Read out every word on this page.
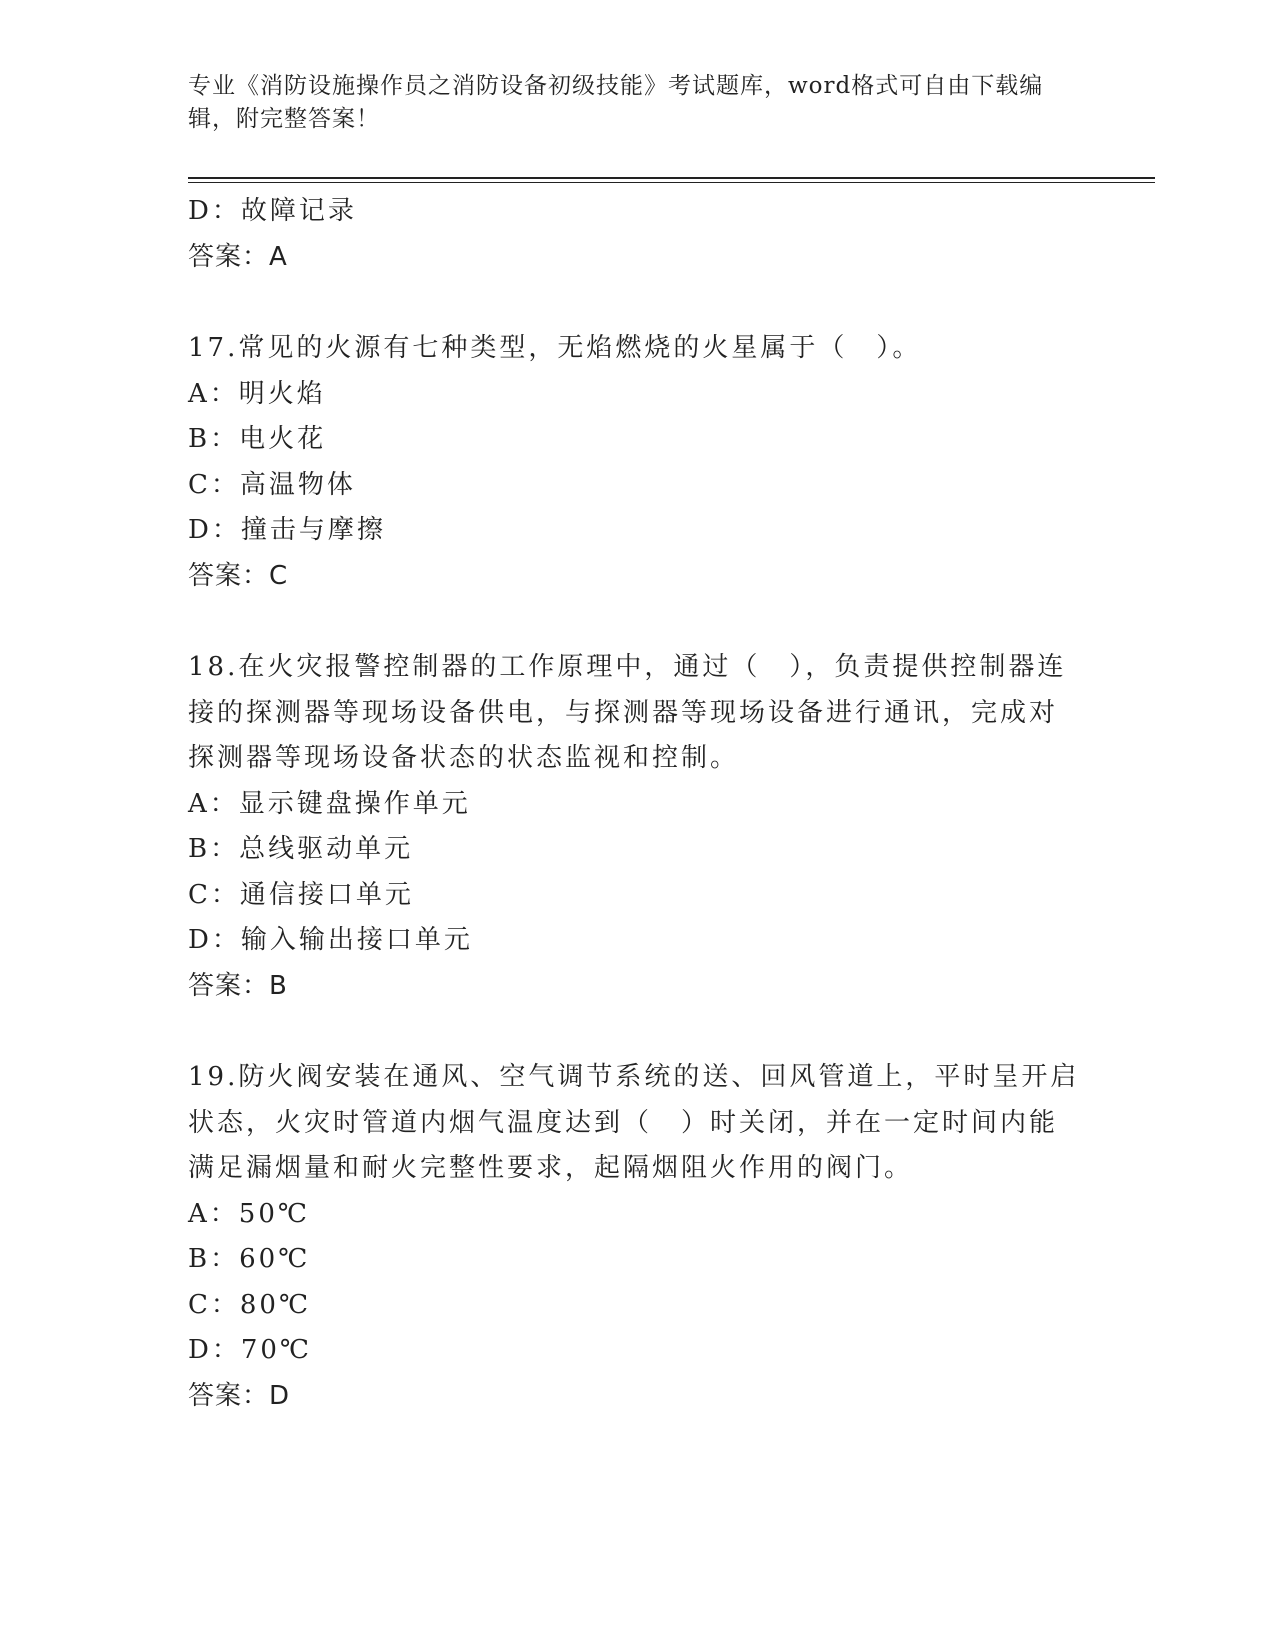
专业《消防设施操作员之消防设备初级技能》考试题库，word格式可自由下载编
辑，附完整答案！
D：故障记录
答案：A
17.常见的火源有七种类型，无焰燃烧的火星属于（　）。
A：明火焰
B：电火花
C：高温物体
D：撞击与摩擦
答案：C
18.在火灾报警控制器的工作原理中，通过（　），负责提供控制器连
接的探测器等现场设备供电，与探测器等现场设备进行通讯，完成对
探测器等现场设备状态的状态监视和控制。
A：显示键盘操作单元
B：总线驱动单元
C：通信接口单元
D：输入输出接口单元
答案：B
19.防火阀安装在通风、空气调节系统的送、回风管道上，平时呈开启
状态，火灾时管道内烟气温度达到（　）时关闭，并在一定时间内能
满足漏烟量和耐火完整性要求，起隔烟阻火作用的阀门。
A：50℃
B：60℃
C：80℃
D：70℃
答案：D
